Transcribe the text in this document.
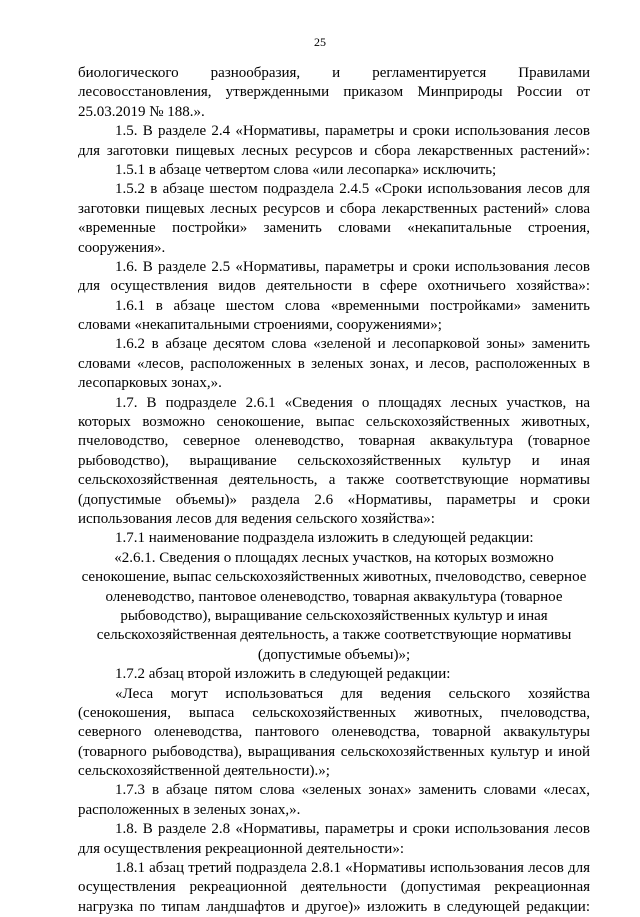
25
биологического разнообразия, и регламентируется Правилами
лесовосстановления, утвержденными приказом Минприроды России от
25.03.2019 № 188.».
1.5. В разделе 2.4 «Нормативы, параметры и сроки использования лесов
для заготовки пищевых лесных ресурсов и сбора лекарственных растений»:
1.5.1 в абзаце четвертом слова «или лесопарка» исключить;
1.5.2 в абзаце шестом подраздела 2.4.5 «Сроки использования лесов для
заготовки пищевых лесных ресурсов и сбора лекарственных растений» слова
«временные постройки» заменить словами «некапитальные строения,
сооружения».
1.6. В разделе 2.5 «Нормативы, параметры и сроки использования лесов
для осуществления видов деятельности в сфере охотничьего хозяйства»:
1.6.1 в абзаце шестом слова «временными постройками» заменить
словами «некапитальными строениями, сооружениями»;
1.6.2 в абзаце десятом слова «зеленой и лесопарковой зоны» заменить
словами «лесов, расположенных в зеленых зонах, и лесов, расположенных в
лесопарковых зонах,».
1.7. В подразделе 2.6.1 «Сведения о площадях лесных участков, на
которых возможно сенокошение, выпас сельскохозяйственных животных,
пчеловодство, северное оленеводство, товарная аквакультура (товарное
рыбоводство), выращивание сельскохозяйственных культур и иная
сельскохозяйственная деятельность, а также соответствующие нормативы
(допустимые объемы)» раздела 2.6 «Нормативы, параметры и сроки
использования лесов для ведения сельского хозяйства»:
1.7.1 наименование подраздела изложить в следующей редакции:
«2.6.1. Сведения о площадях лесных участков, на которых возможно
сенокошение, выпас сельскохозяйственных животных, пчеловодство, северное
оленеводство, пантовое оленеводство, товарная аквакультура (товарное
рыбоводство), выращивание сельскохозяйственных культур и иная
сельскохозяйственная деятельность, а также соответствующие нормативы
(допустимые объемы)»;
1.7.2 абзац второй изложить в следующей редакции:
«Леса могут использоваться для ведения сельского хозяйства
(сенокошения, выпаса сельскохозяйственных животных, пчеловодства,
северного оленеводства, пантового оленеводства, товарной аквакультуры
(товарного рыбоводства), выращивания сельскохозяйственных культур и иной
сельскохозяйственной деятельности).»;
1.7.3 в абзаце пятом слова «зеленых зонах» заменить словами «лесах,
расположенных в зеленых зонах,».
1.8. В разделе 2.8 «Нормативы, параметры и сроки использования лесов
для осуществления рекреационной деятельности»:
1.8.1 абзац третий подраздела 2.8.1 «Нормативы использования лесов для
осуществления рекреационной деятельности (допустимая рекреационная
нагрузка по типам ландшафтов и другое)» изложить в следующей редакции:
